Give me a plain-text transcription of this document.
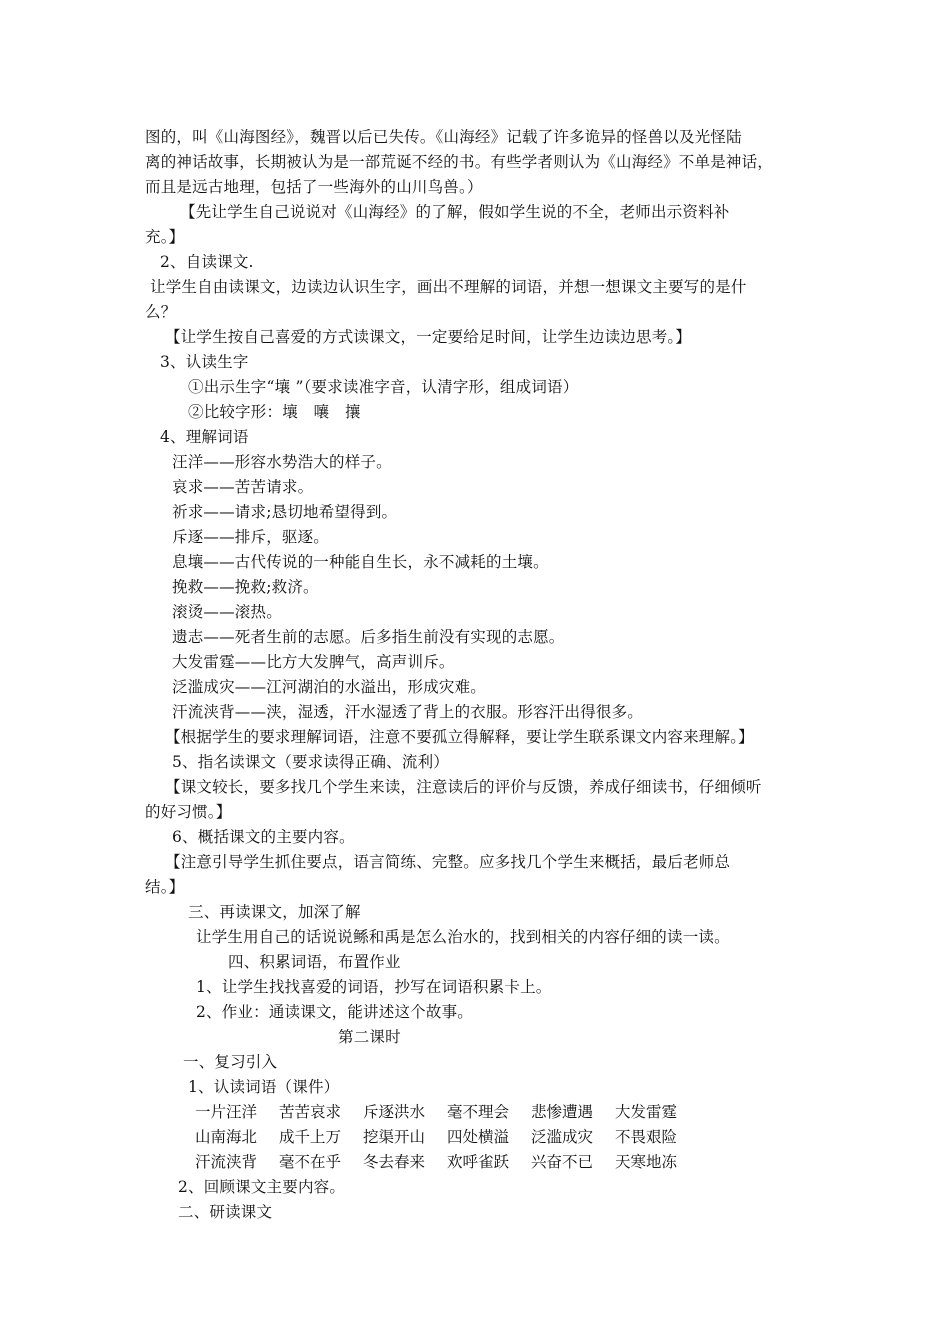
图的，叫《山海图经》，魏晋以后已失传。《山海经》记载了许多诡异的怪兽以及光怪陆
离的神话故事，长期被认为是一部荒诞不经的书。有些学者则认为《山海经》不单是神话，
而且是远古地理，包括了一些海外的山川鸟兽。）
【先让学生自己说说对《山海经》的了解，假如学生说的不全，老师出示资料补
充。】
2、自读课文.
让学生自由读课文，边读边认识生字，画出不理解的词语，并想一想课文主要写的是什
么？
【让学生按自己喜爱的方式读课文，一定要给足时间，让学生边读边思考。】
3、认读生字
①出示生字“壤 ”（要求读准字音，认清字形，组成词语）
②比较字形：壤　嚷　攘
4、理解词语
汪洋——形容水势浩大的样子。
哀求——苦苦请求。
祈求——请求;恳切地希望得到。
斥逐——排斥，驱逐。
息壤——古代传说的一种能自生长，永不减耗的土壤。
挽救——挽救;救济。
滚烫——滚热。
遗志——死者生前的志愿。后多指生前没有实现的志愿。
大发雷霆——比方大发脾气，高声训斥。
泛滥成灾——江河湖泊的水溢出，形成灾难。
汗流浃背——浃，湿透，汗水湿透了背上的衣服。形容汗出得很多。
【根据学生的要求理解词语，注意不要孤立得解释，要让学生联系课文内容来理解。】
5、指名读课文（要求读得正确、流利）
【课文较长，要多找几个学生来读，注意读后的评价与反馈，养成仔细读书，仔细倾听
的好习惯。】
6、概括课文的主要内容。
【注意引导学生抓住要点，语言简练、完整。应多找几个学生来概括，最后老师总
结。】
三、再读课文，加深了解
让学生用自己的话说说鲧和禹是怎么治水的，找到相关的内容仔细的读一读。
四、积累词语，布置作业
1、让学生找找喜爱的词语，抄写在词语积累卡上。
2、作业：通读课文，能讲述这个故事。
第二课时
一、复习引入
1、认读词语（课件）
一片汪洋 苦苦哀求 斥逐洪水 毫不理会 悲惨遭遇 大发雷霆
山南海北 成千上万 挖渠开山 四处横溢 泛滥成灾 不畏艰险
汗流浃背 毫不在乎 冬去春来 欢呼雀跃 兴奋不已 天寒地冻
2、回顾课文主要内容。
二、研读课文
